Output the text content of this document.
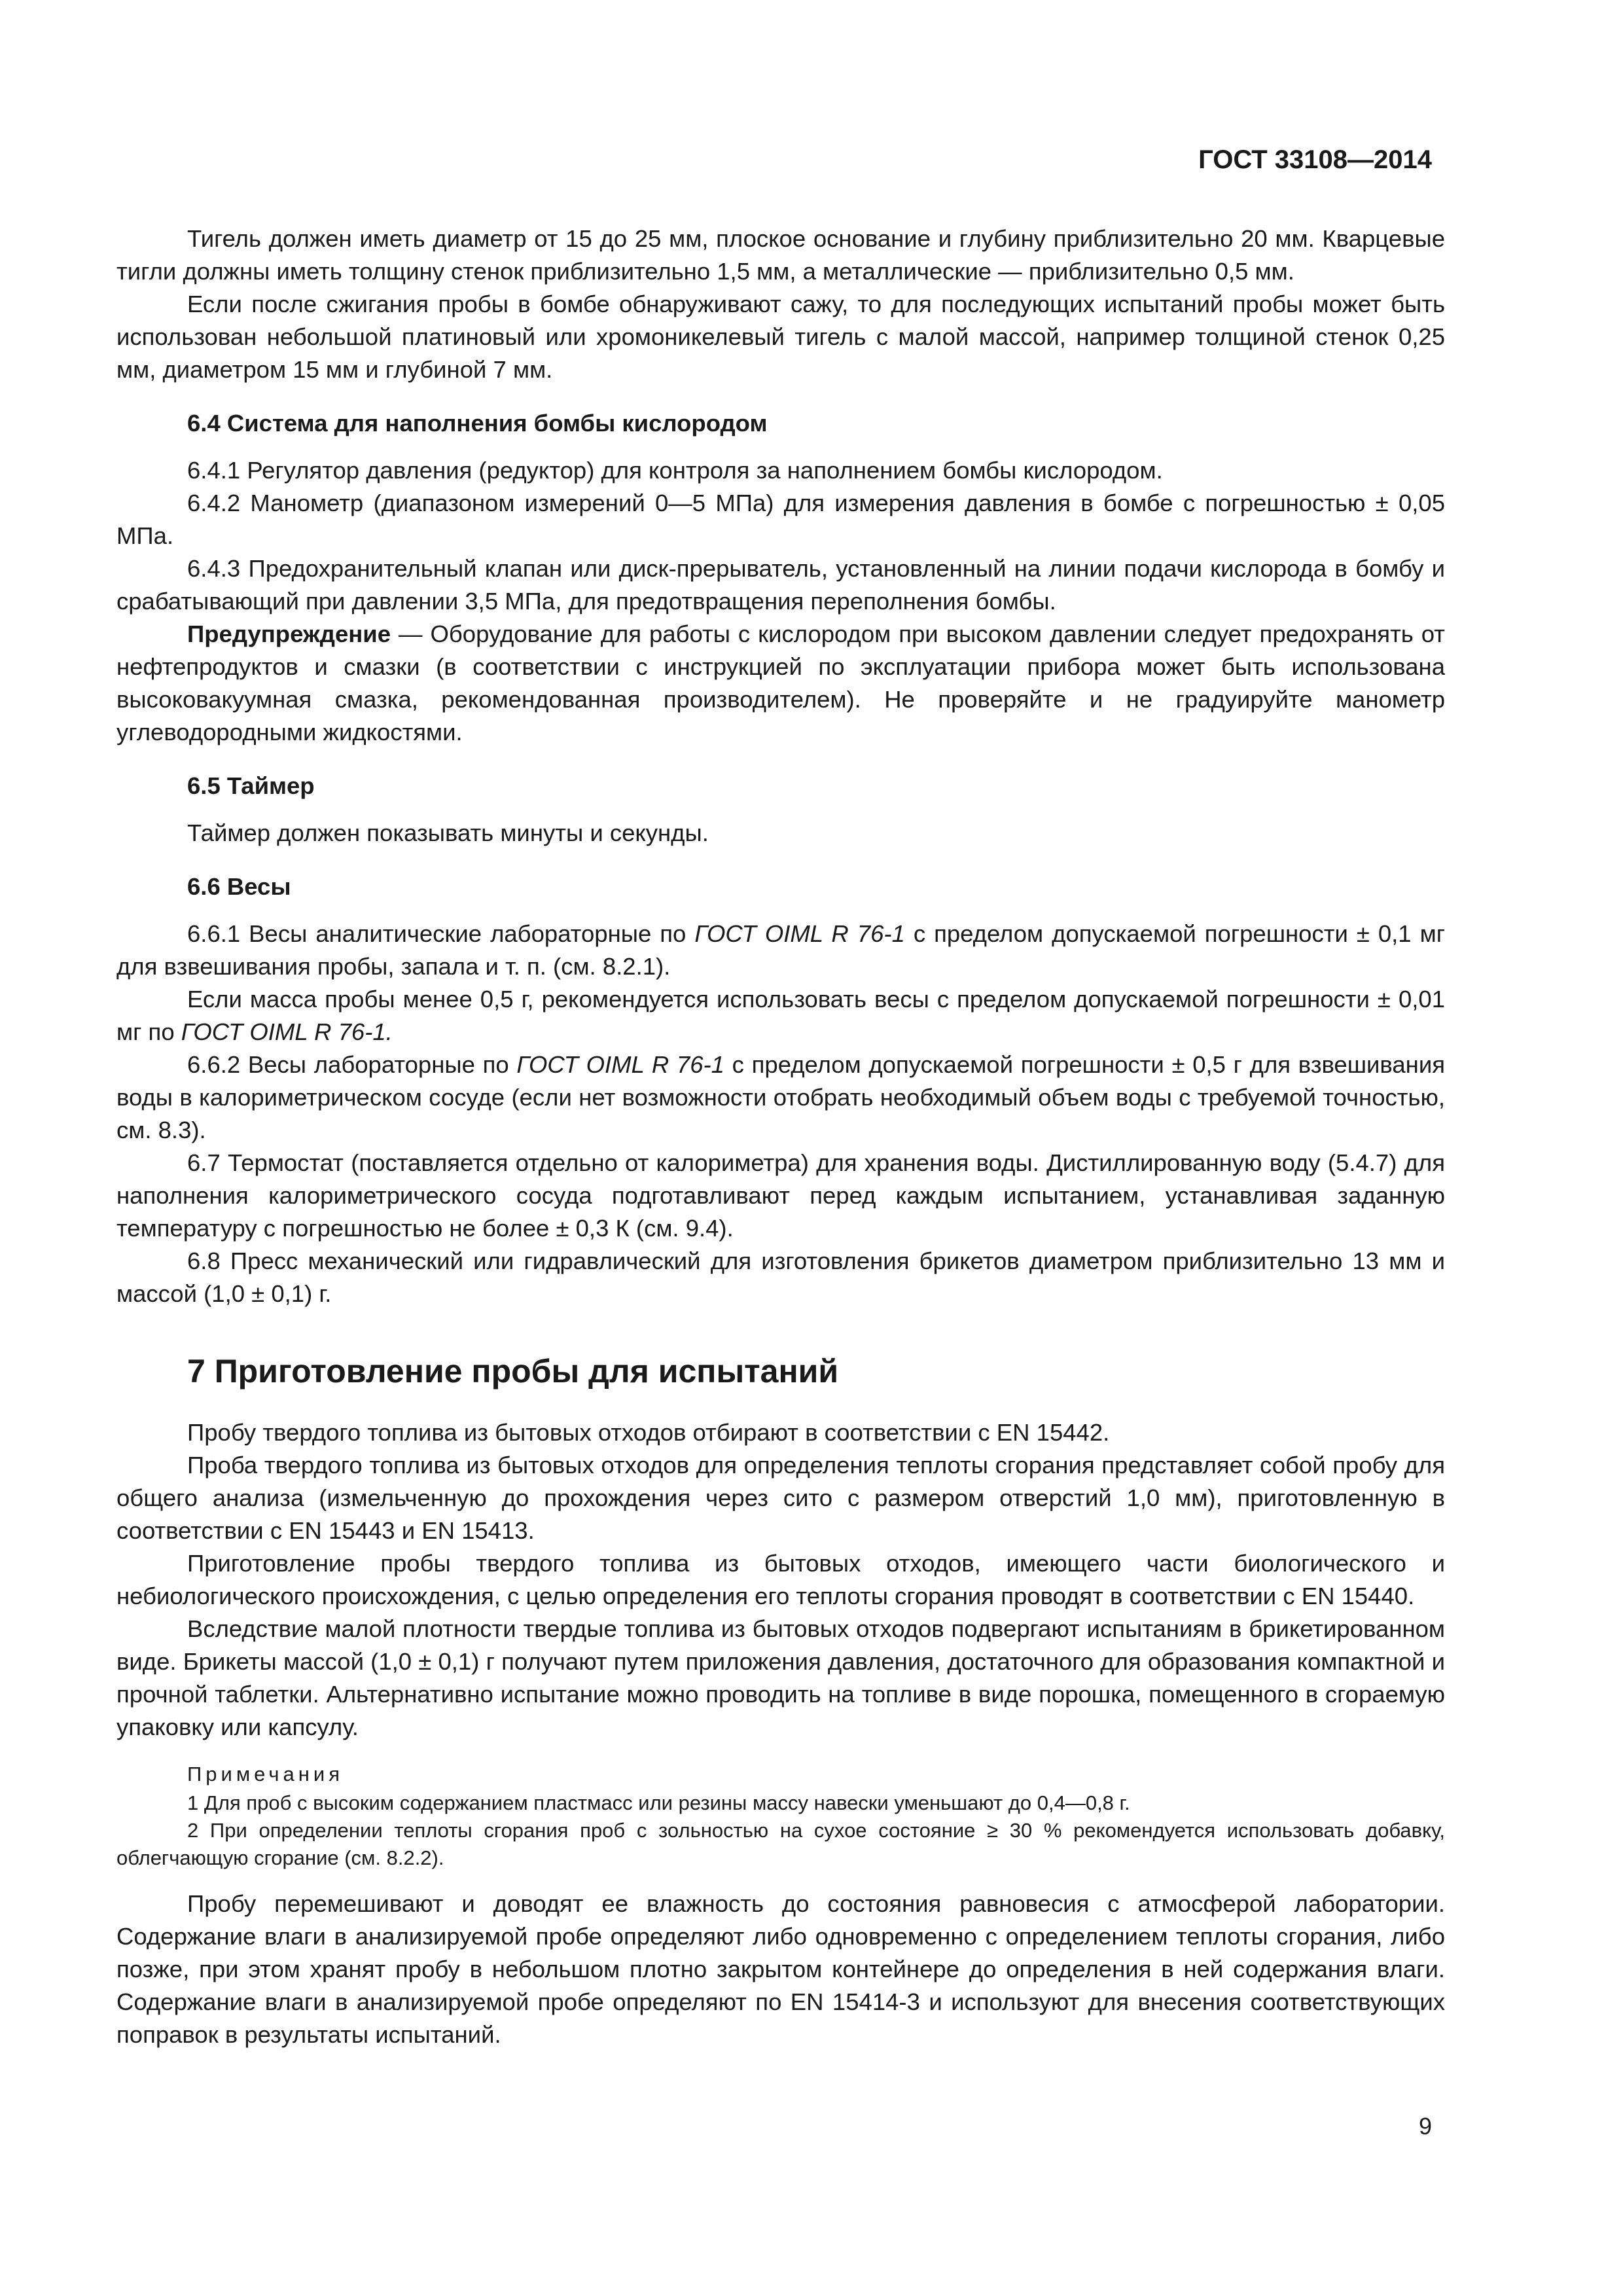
ГОСТ 33108—2014

Тигель должен иметь диаметр от 15 до 25 мм, плоское основание и глубину приблизительно 20 мм. Кварцевые тигли должны иметь толщину стенок приблизительно 1,5 мм, а металлические — приблизительно 0,5 мм.

Если после сжигания пробы в бомбе обнаруживают сажу, то для последующих испытаний пробы может быть использован небольшой платиновый или хромоникелевый тигель с малой массой, например толщиной стенок 0,25 мм, диаметром 15 мм и глубиной 7 мм.

6.4 Система для наполнения бомбы кислородом

6.4.1 Регулятор давления (редуктор) для контроля за наполнением бомбы кислородом.

6.4.2 Манометр (диапазоном измерений 0—5 МПа) для измерения давления в бомбе с погрешностью ± 0,05 МПа.

6.4.3 Предохранительный клапан или диск-прерыватель, установленный на линии подачи кислорода в бомбу и срабатывающий при давлении 3,5 МПа, для предотвращения переполнения бомбы.

Предупреждение — Оборудование для работы с кислородом при высоком давлении следует предохранять от нефтепродуктов и смазки (в соответствии с инструкцией по эксплуатации прибора может быть использована высоковакуумная смазка, рекомендованная производителем). Не проверяйте и не градуируйте манометр углеводородными жидкостями.

6.5 Таймер

Таймер должен показывать минуты и секунды.

6.6 Весы

6.6.1 Весы аналитические лабораторные по ГОСТ OIML R 76-1 с пределом допускаемой погрешности ± 0,1 мг для взвешивания пробы, запала и т. п. (см. 8.2.1).

Если масса пробы менее 0,5 г, рекомендуется использовать весы с пределом допускаемой погрешности ± 0,01 мг по ГОСТ OIML R 76-1.

6.6.2 Весы лабораторные по ГОСТ OIML R 76-1 с пределом допускаемой погрешности ± 0,5 г для взвешивания воды в калориметрическом сосуде (если нет возможности отобрать необходимый объем воды с требуемой точностью, см. 8.3).

6.7 Термостат (поставляется отдельно от калориметра) для хранения воды. Дистиллированную воду (5.4.7) для наполнения калориметрического сосуда подготавливают перед каждым испытанием, устанавливая заданную температуру с погрешностью не более ± 0,3 К (см. 9.4).

6.8 Пресс механический или гидравлический для изготовления брикетов диаметром приблизительно 13 мм и массой (1,0 ± 0,1) г.

7 Приготовление пробы для испытаний

Пробу твердого топлива из бытовых отходов отбирают в соответствии с EN 15442.

Проба твердого топлива из бытовых отходов для определения теплоты сгорания представляет собой пробу для общего анализа (измельченную до прохождения через сито с размером отверстий 1,0 мм), приготовленную в соответствии с EN 15443 и EN 15413.

Приготовление пробы твердого топлива из бытовых отходов, имеющего части биологического и небиологического происхождения, с целью определения его теплоты сгорания проводят в соответствии с EN 15440.

Вследствие малой плотности твердые топлива из бытовых отходов подвергают испытаниям в брикетированном виде. Брикеты массой (1,0 ± 0,1) г получают путем приложения давления, достаточного для образования компактной и прочной таблетки. Альтернативно испытание можно проводить на топливе в виде порошка, помещенного в сгораемую упаковку или капсулу.

Примечания

1 Для проб с высоким содержанием пластмасс или резины массу навески уменьшают до 0,4—0,8 г.

2 При определении теплоты сгорания проб с зольностью на сухое состояние ≥ 30 % рекомендуется использовать добавку, облегчающую сгорание (см. 8.2.2).

Пробу перемешивают и доводят ее влажность до состояния равновесия с атмосферой лаборатории. Содержание влаги в анализируемой пробе определяют либо одновременно с определением теплоты сгорания, либо позже, при этом хранят пробу в небольшом плотно закрытом контейнере до определения в ней содержания влаги. Содержание влаги в анализируемой пробе определяют по EN 15414-3 и используют для внесения соответствующих поправок в результаты испытаний.

9
